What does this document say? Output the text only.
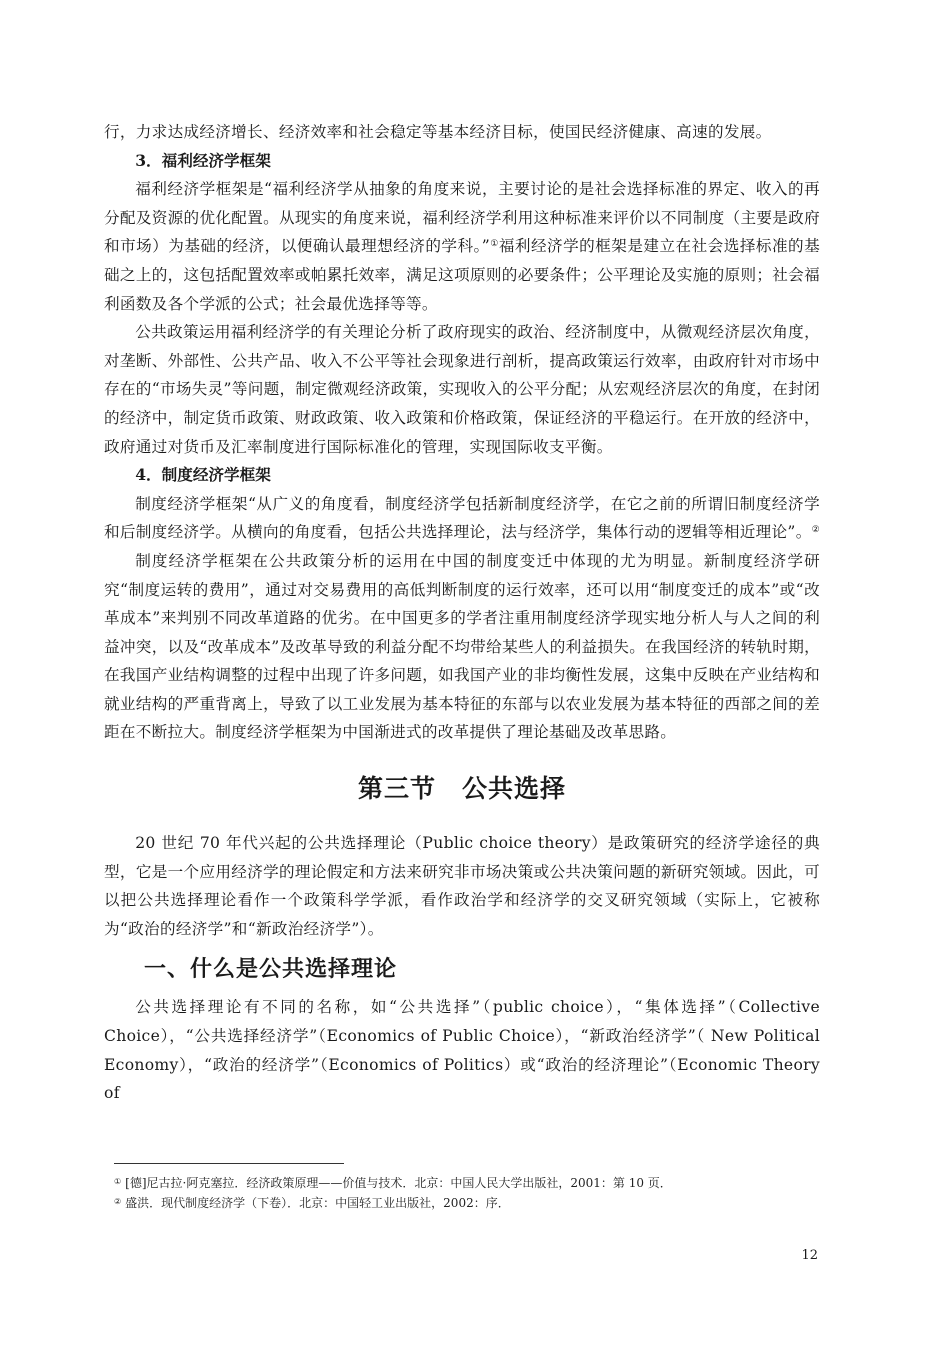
行，力求达成经济增长、经济效率和社会稳定等基本经济目标，使国民经济健康、高速的发展。

3．福利经济学框架

福利经济学框架是“福利经济学从抽象的角度来说，主要讨论的是社会选择标准的界定、收入的再分配及资源的优化配置。从现实的角度来说，福利经济学利用这种标准来评价以不同制度（主要是政府和市场）为基础的经济，以便确认最理想经济的学科。”①福利经济学的框架是建立在社会选择标准的基础之上的，这包括配置效率或帕累托效率，满足这项原则的必要条件；公平理论及实施的原则；社会福利函数及各个学派的公式；社会最优选择等等。

公共政策运用福利经济学的有关理论分析了政府现实的政治、经济制度中，从微观经济层次角度，对垄断、外部性、公共产品、收入不公平等社会现象进行剖析，提高政策运行效率，由政府针对市场中存在的“市场失灵”等问题，制定微观经济政策，实现收入的公平分配；从宏观经济层次的角度，在封闭的经济中，制定货币政策、财政政策、收入政策和价格政策，保证经济的平稳运行。在开放的经济中，政府通过对货币及汇率制度进行国际标准化的管理，实现国际收支平衡。

4．制度经济学框架

制度经济学框架“从广义的角度看，制度经济学包括新制度经济学，在它之前的所谓旧制度经济学和后制度经济学。从横向的角度看，包括公共选择理论，法与经济学，集体行动的逻辑等相近理论”。②

制度经济学框架在公共政策分析的运用在中国的制度变迁中体现的尤为明显。新制度经济学研究“制度运转的费用”，通过对交易费用的高低判断制度的运行效率，还可以用“制度变迁的成本”或“改革成本”来判别不同改革道路的优劣。在中国更多的学者注重用制度经济学现实地分析人与人之间的利益冲突，以及“改革成本”及改革导致的利益分配不均带给某些人的利益损失。在我国经济的转轨时期，在我国产业结构调整的过程中出现了许多问题，如我国产业的非均衡性发展，这集中反映在产业结构和就业结构的严重背离上，导致了以工业发展为基本特征的东部与以农业发展为基本特征的西部之间的差距在不断拉大。制度经济学框架为中国渐进式的改革提供了理论基础及改革思路。

第三节　公共选择

20 世纪 70 年代兴起的公共选择理论（Public choice theory）是政策研究的经济学途径的典型，它是一个应用经济学的理论假定和方法来研究非市场决策或公共决策问题的新研究领域。因此，可以把公共选择理论看作一个政策科学学派，看作政治学和经济学的交叉研究领域（实际上，它被称为“政治的经济学”和“新政治经济学”）。

一、什么是公共选择理论

公共选择理论有不同的名称，如“公共选择”（public choice），“集体选择”（Collective Choice），“公共选择经济学”（Economics of Public Choice），“新政治经济学”（ New Political Economy），“政治的经济学”（Economics of Politics）或“政治的经济理论”（Economic Theory of

① [德]尼古拉·阿克塞拉．经济政策原理——价值与技术．北京：中国人民大学出版社，2001：第 10 页．

② 盛洪．现代制度经济学（下卷）．北京：中国轻工业出版社，2002：序．

12
